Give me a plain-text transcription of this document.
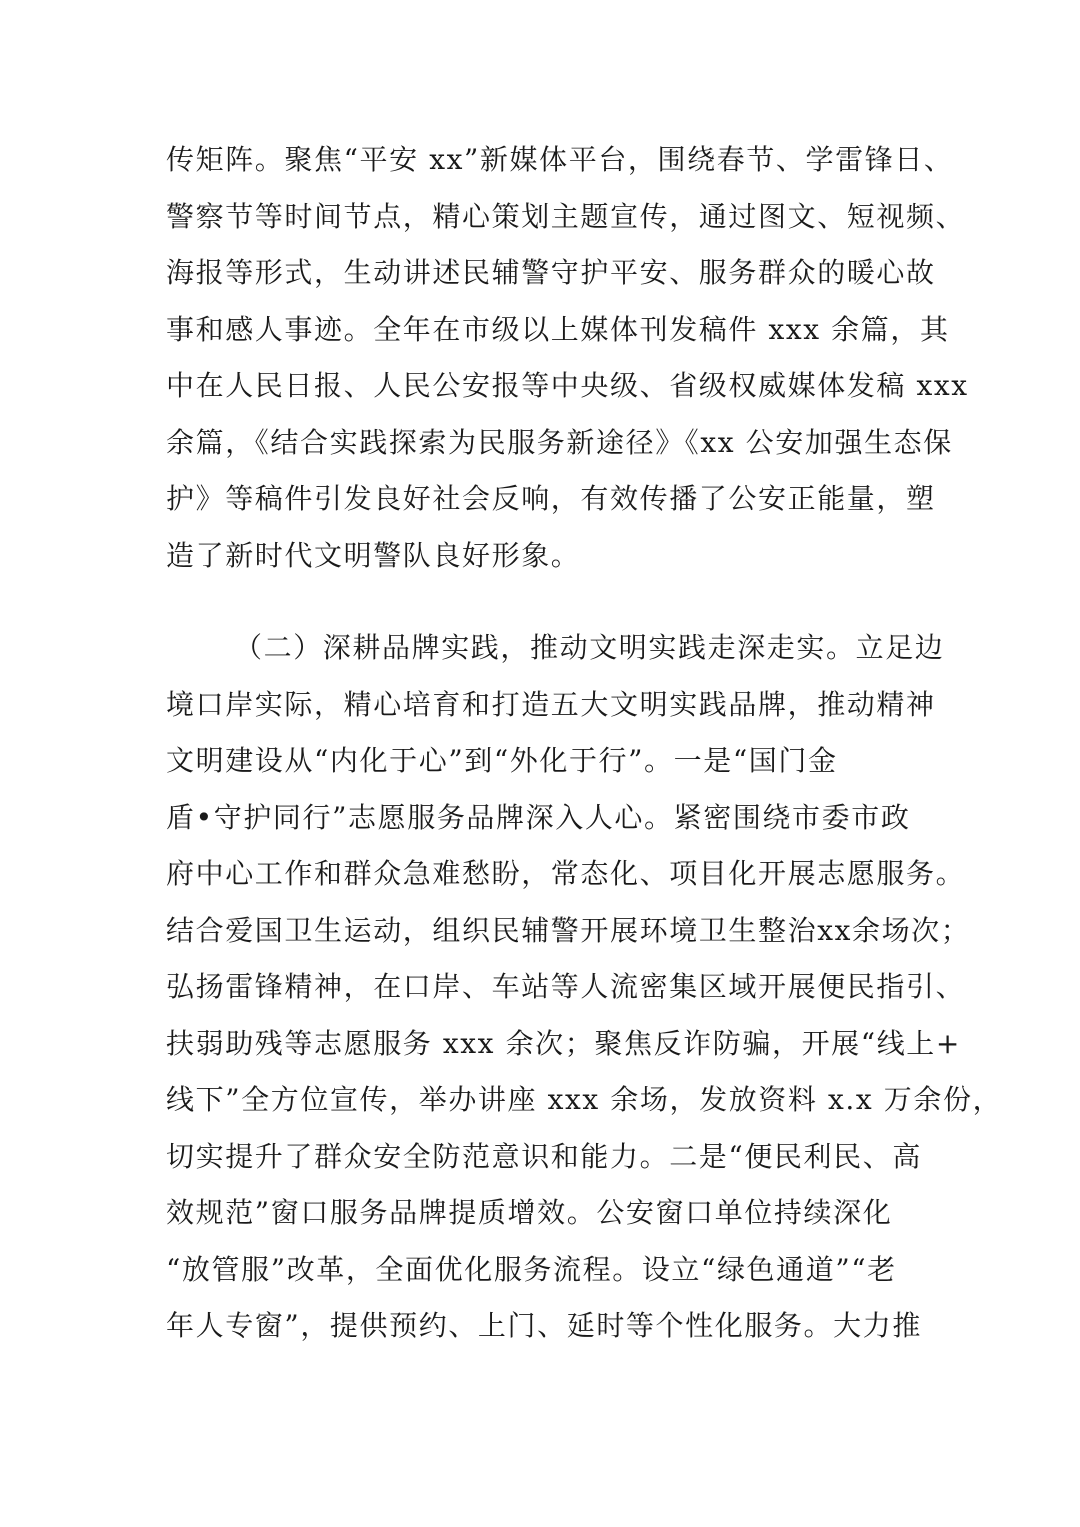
传矩阵。聚焦“平安 xx”新媒体平台，围绕春节、学雷锋日、
警察节等时间节点，精心策划主题宣传，通过图文、短视频、
海报等形式，生动讲述民辅警守护平安、服务群众的暖心故
事和感人事迹。全年在市级以上媒体刊发稿件 xxx 余篇，其
中在人民日报、人民公安报等中央级、省级权威媒体发稿 xxx
余篇，《结合实践探索为民服务新途径》《xx 公安加强生态保
护》等稿件引发良好社会反响，有效传播了公安正能量，塑
造了新时代文明警队良好形象。
（二）深耕品牌实践，推动文明实践走深走实。立足边
境口岸实际，精心培育和打造五大文明实践品牌，推动精神
文明建设从“内化于心”到“外化于行”。一是“国门金
盾•守护同行”志愿服务品牌深入人心。紧密围绕市委市政
府中心工作和群众急难愁盼，常态化、项目化开展志愿服务。
结合爱国卫生运动，组织民辅警开展环境卫生整治xx余场次；
弘扬雷锋精神，在口岸、车站等人流密集区域开展便民指引、
扶弱助残等志愿服务 xxx 余次；聚焦反诈防骗，开展“线上+
线下”全方位宣传，举办讲座 xxx 余场，发放资料 x.x 万余份，
切实提升了群众安全防范意识和能力。二是“便民利民、高
效规范”窗口服务品牌提质增效。公安窗口单位持续深化
“放管服”改革，全面优化服务流程。设立“绿色通道”“老
年人专窗”，提供预约、上门、延时等个性化服务。大力推
